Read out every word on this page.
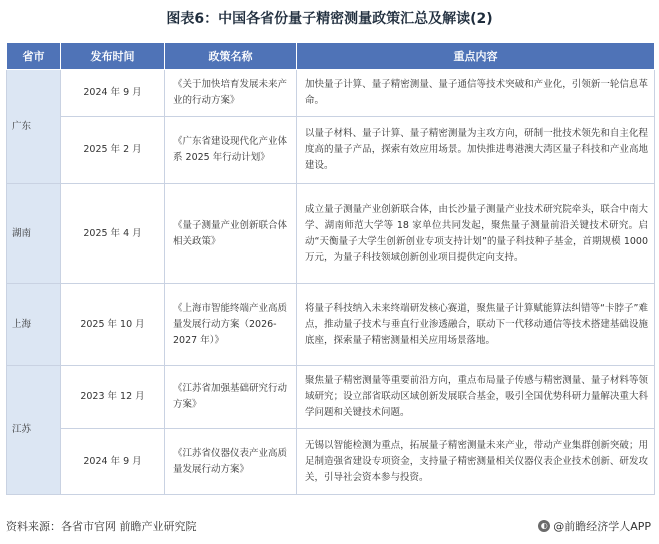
图表6：中国各省份量子精密测量政策汇总及解读(2)
省市	发布时间	政策名称	重点内容
广东	2024 年 9 月	《关于加快培育发展未来产业的行动方案》	加快量子计算、量子精密测量、量子通信等技术突破和产业化，引领新一轮信息革命。
	2025 年 2 月	《广东省建设现代化产业体系 2025 年行动计划》	以量子材料、量子计算、量子精密测量为主攻方向，研制一批技术领先和自主化程度高的量子产品，探索有效应用场景。加快推进粤港澳大湾区量子科技和产业高地建设。
湖南	2025 年 4 月	《量子测量产业创新联合体相关政策》	成立量子测量产业创新联合体，由长沙量子测量产业技术研究院牵头，联合中南大学、湖南师范大学等 18 家单位共同发起，聚焦量子测量前沿关键技术研究。启动“天衡量子大学生创新创业专项支持计划”的量子科技种子基金，首期规模 1000 万元，为量子科技领域创新创业项目提供定向支持。
上海	2025 年 10 月	《上海市智能终端产业高质量发展行动方案（2026-2027 年）》	将量子科技纳入未来终端研发核心赛道，聚焦量子计算赋能算法纠错等“卡脖子”难点，推动量子技术与垂直行业渗透融合，联动下一代移动通信等技术搭建基础设施底座，探索量子精密测量相关应用场景落地。
江苏	2023 年 12 月	《江苏省加强基础研究行动方案》	聚焦量子精密测量等重要前沿方向，重点布局量子传感与精密测量、量子材料等领域研究；设立部省联动区域创新发展联合基金，吸引全国优势科研力量解决重大科学问题和关键技术问题。
	2024 年 9 月	《江苏省仪器仪表产业高质量发展行动方案》	无锡以智能检测为重点，拓展量子精密测量未来产业，带动产业集群创新突破；用足制造强省建设专项资金，支持量子精密测量相关仪器仪表企业技术创新、研发攻关，引导社会资本参与投资。
资料来源：各省市官网 前瞻产业研究院	◐ @前瞻经济学人APP
